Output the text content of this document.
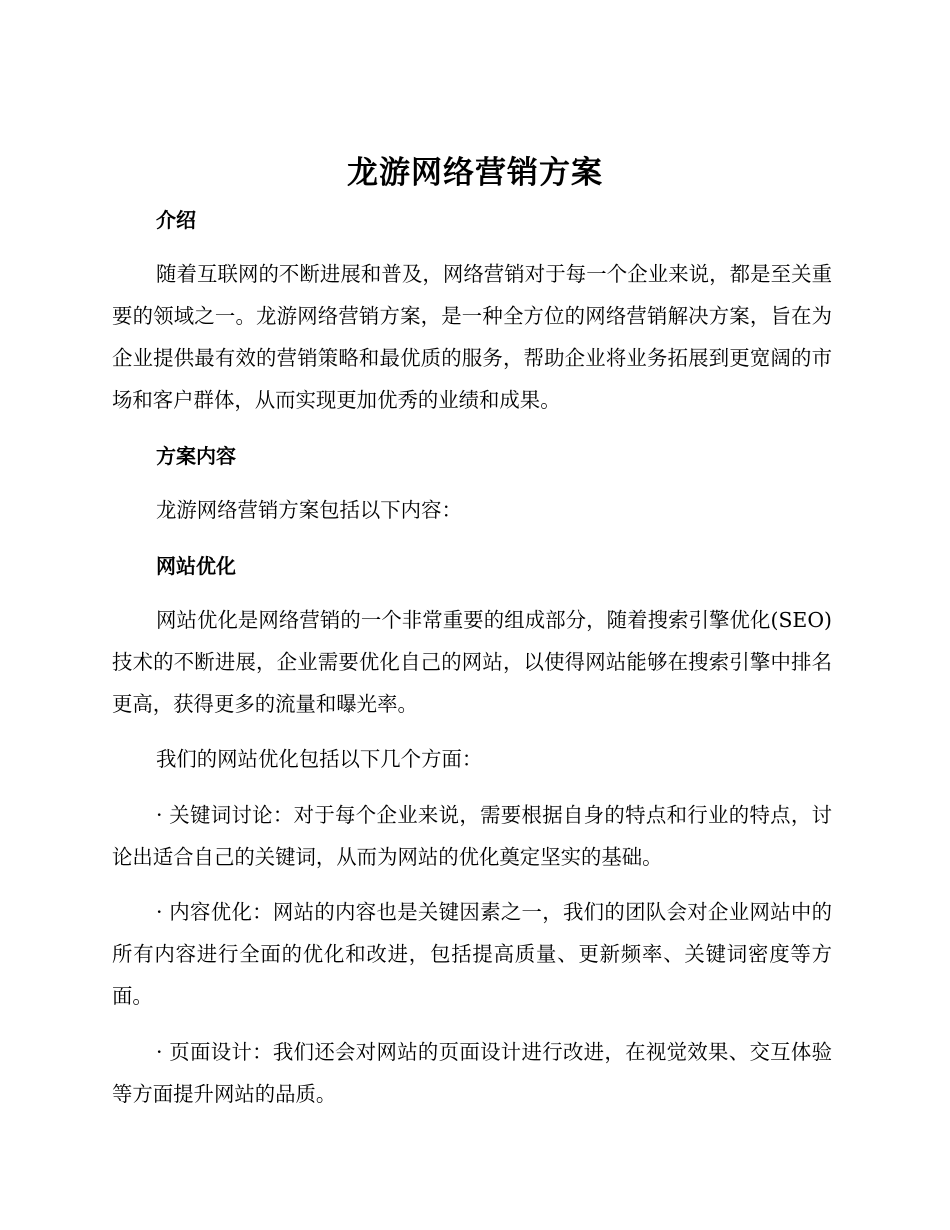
龙游网络营销方案
介绍
随着互联网的不断进展和普及，网络营销对于每一个企业来说，都是至关重要的领域之一。龙游网络营销方案，是一种全方位的网络营销解决方案，旨在为企业提供最有效的营销策略和最优质的服务，帮助企业将业务拓展到更宽阔的市场和客户群体，从而实现更加优秀的业绩和成果。
方案内容
龙游网络营销方案包括以下内容：
网站优化
网站优化是网络营销的一个非常重要的组成部分，随着搜索引擎优化(SEO)技术的不断进展，企业需要优化自己的网站，以使得网站能够在搜索引擎中排名更高，获得更多的流量和曝光率。
我们的网站优化包括以下几个方面：
· 关键词讨论：对于每个企业来说，需要根据自身的特点和行业的特点，讨论出适合自己的关键词，从而为网站的优化奠定坚实的基础。
· 内容优化：网站的内容也是关键因素之一，我们的团队会对企业网站中的所有内容进行全面的优化和改进，包括提高质量、更新频率、关键词密度等方面。
· 页面设计：我们还会对网站的页面设计进行改进，在视觉效果、交互体验等方面提升网站的品质。
